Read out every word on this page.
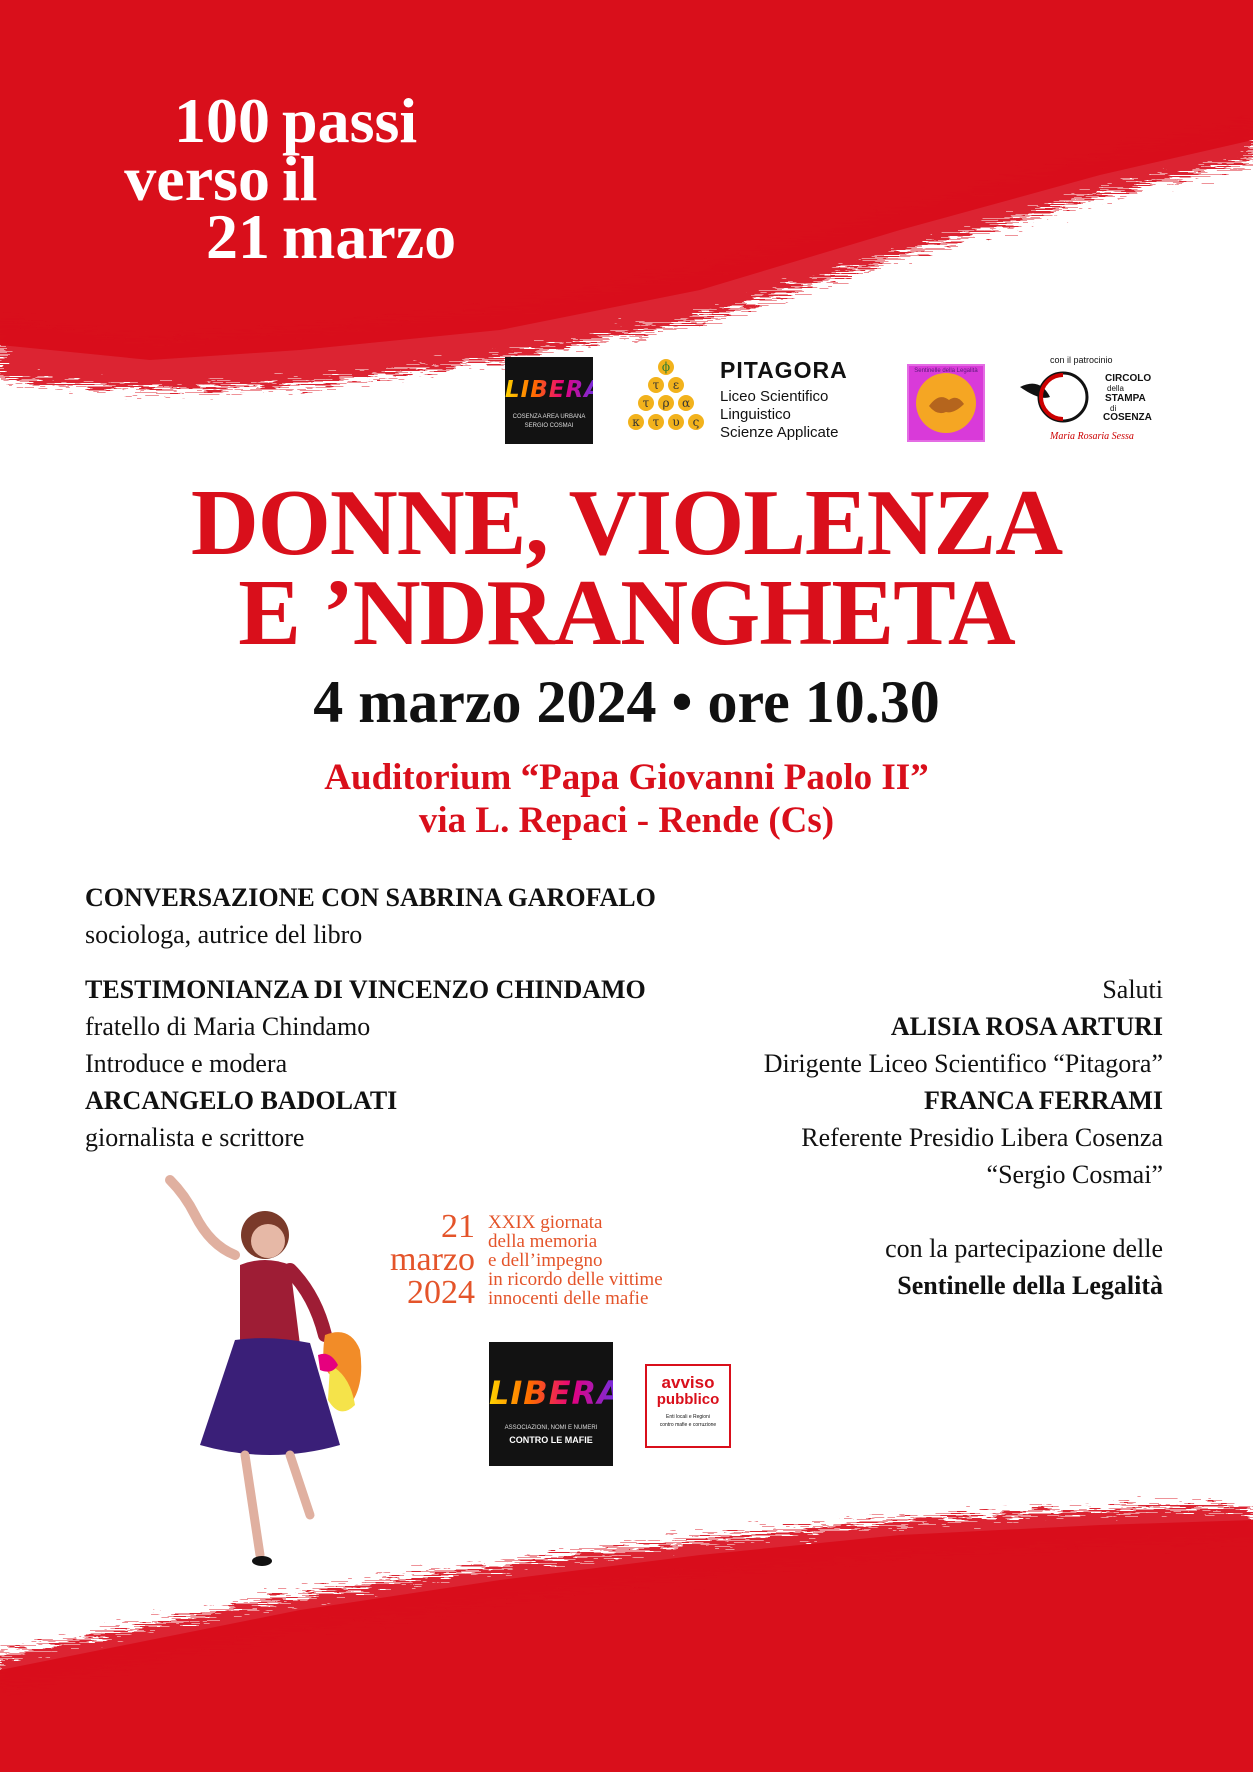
100 passi
verso il
21 marzo
LIBERA
COSENZA AREA URBANA
SERGIO COSMAI
ϕ
τ ε
τ ρ α
κ τ υ ς
PITAGORA
Liceo Scientifico
Linguistico
Scienze Applicate
Sentinelle della Legalità
con il patrocinio
CIRCOLO
della
STAMPA
di
COSENZA
Maria Rosaria Sessa
DONNE, VIOLENZA
E ’NDRANGHETA
4 marzo 2024 • ore 10.30
Auditorium “Papa Giovanni Paolo II”
via L. Repaci - Rende (Cs)
CONVERSAZIONE CON SABRINA GAROFALO
sociologa, autrice del libro
TESTIMONIANZA DI VINCENZO CHINDAMO
fratello di Maria Chindamo
Introduce e modera
ARCANGELO BADOLATI
giornalista e scrittore
Saluti
ALISIA ROSA ARTURI
Dirigente Liceo Scientifico “Pitagora”
FRANCA FERRAMI
Referente Presidio Libera Cosenza
“Sergio Cosmai”
con la partecipazione delle
Sentinelle della Legalità
21
marzo
2024
XXIX giornata
della memoria
e dell’impegno
in ricordo delle vittime
innocenti delle mafie
LIBERA
ASSOCIAZIONI, NOMI E NUMERI
CONTRO LE MAFIE
avviso
pubblico
Enti locali e Regioni
contro mafie e corruzione
